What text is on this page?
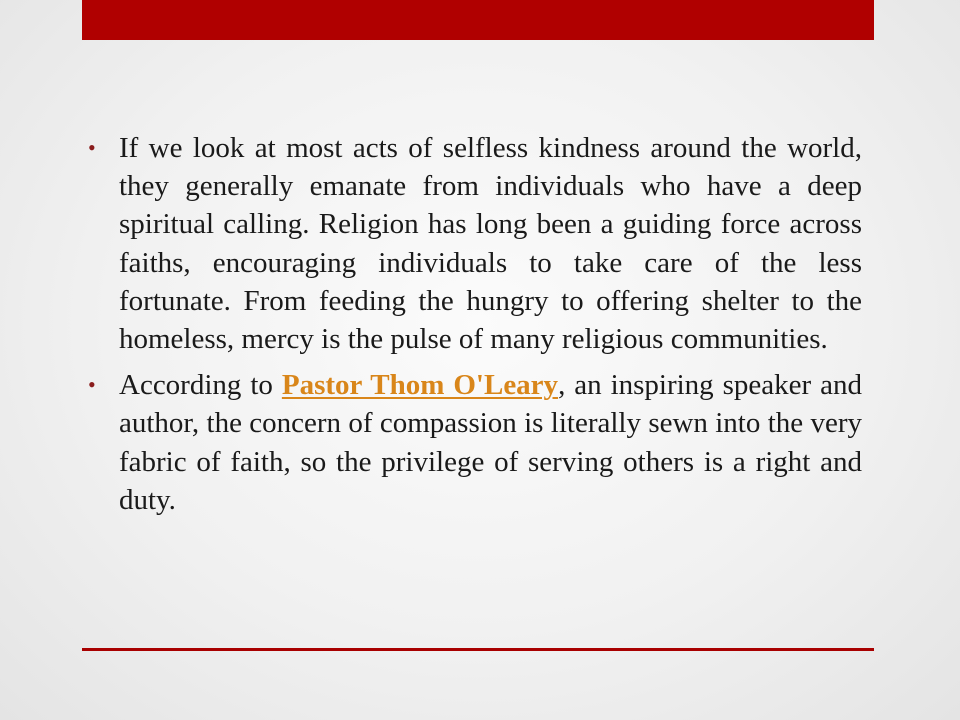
• If we look at most acts of selfless kindness around the world, they generally emanate from individuals who have a deep spiritual calling. Religion has long been a guiding force across faiths, encouraging individuals to take care of the less fortunate. From feeding the hungry to offering shelter to the homeless, mercy is the pulse of many religious communities.

• According to Pastor Thom O'Leary, an inspiring speaker and author, the concern of compassion is literally sewn into the very fabric of faith, so the privilege of serving others is a right and duty.
